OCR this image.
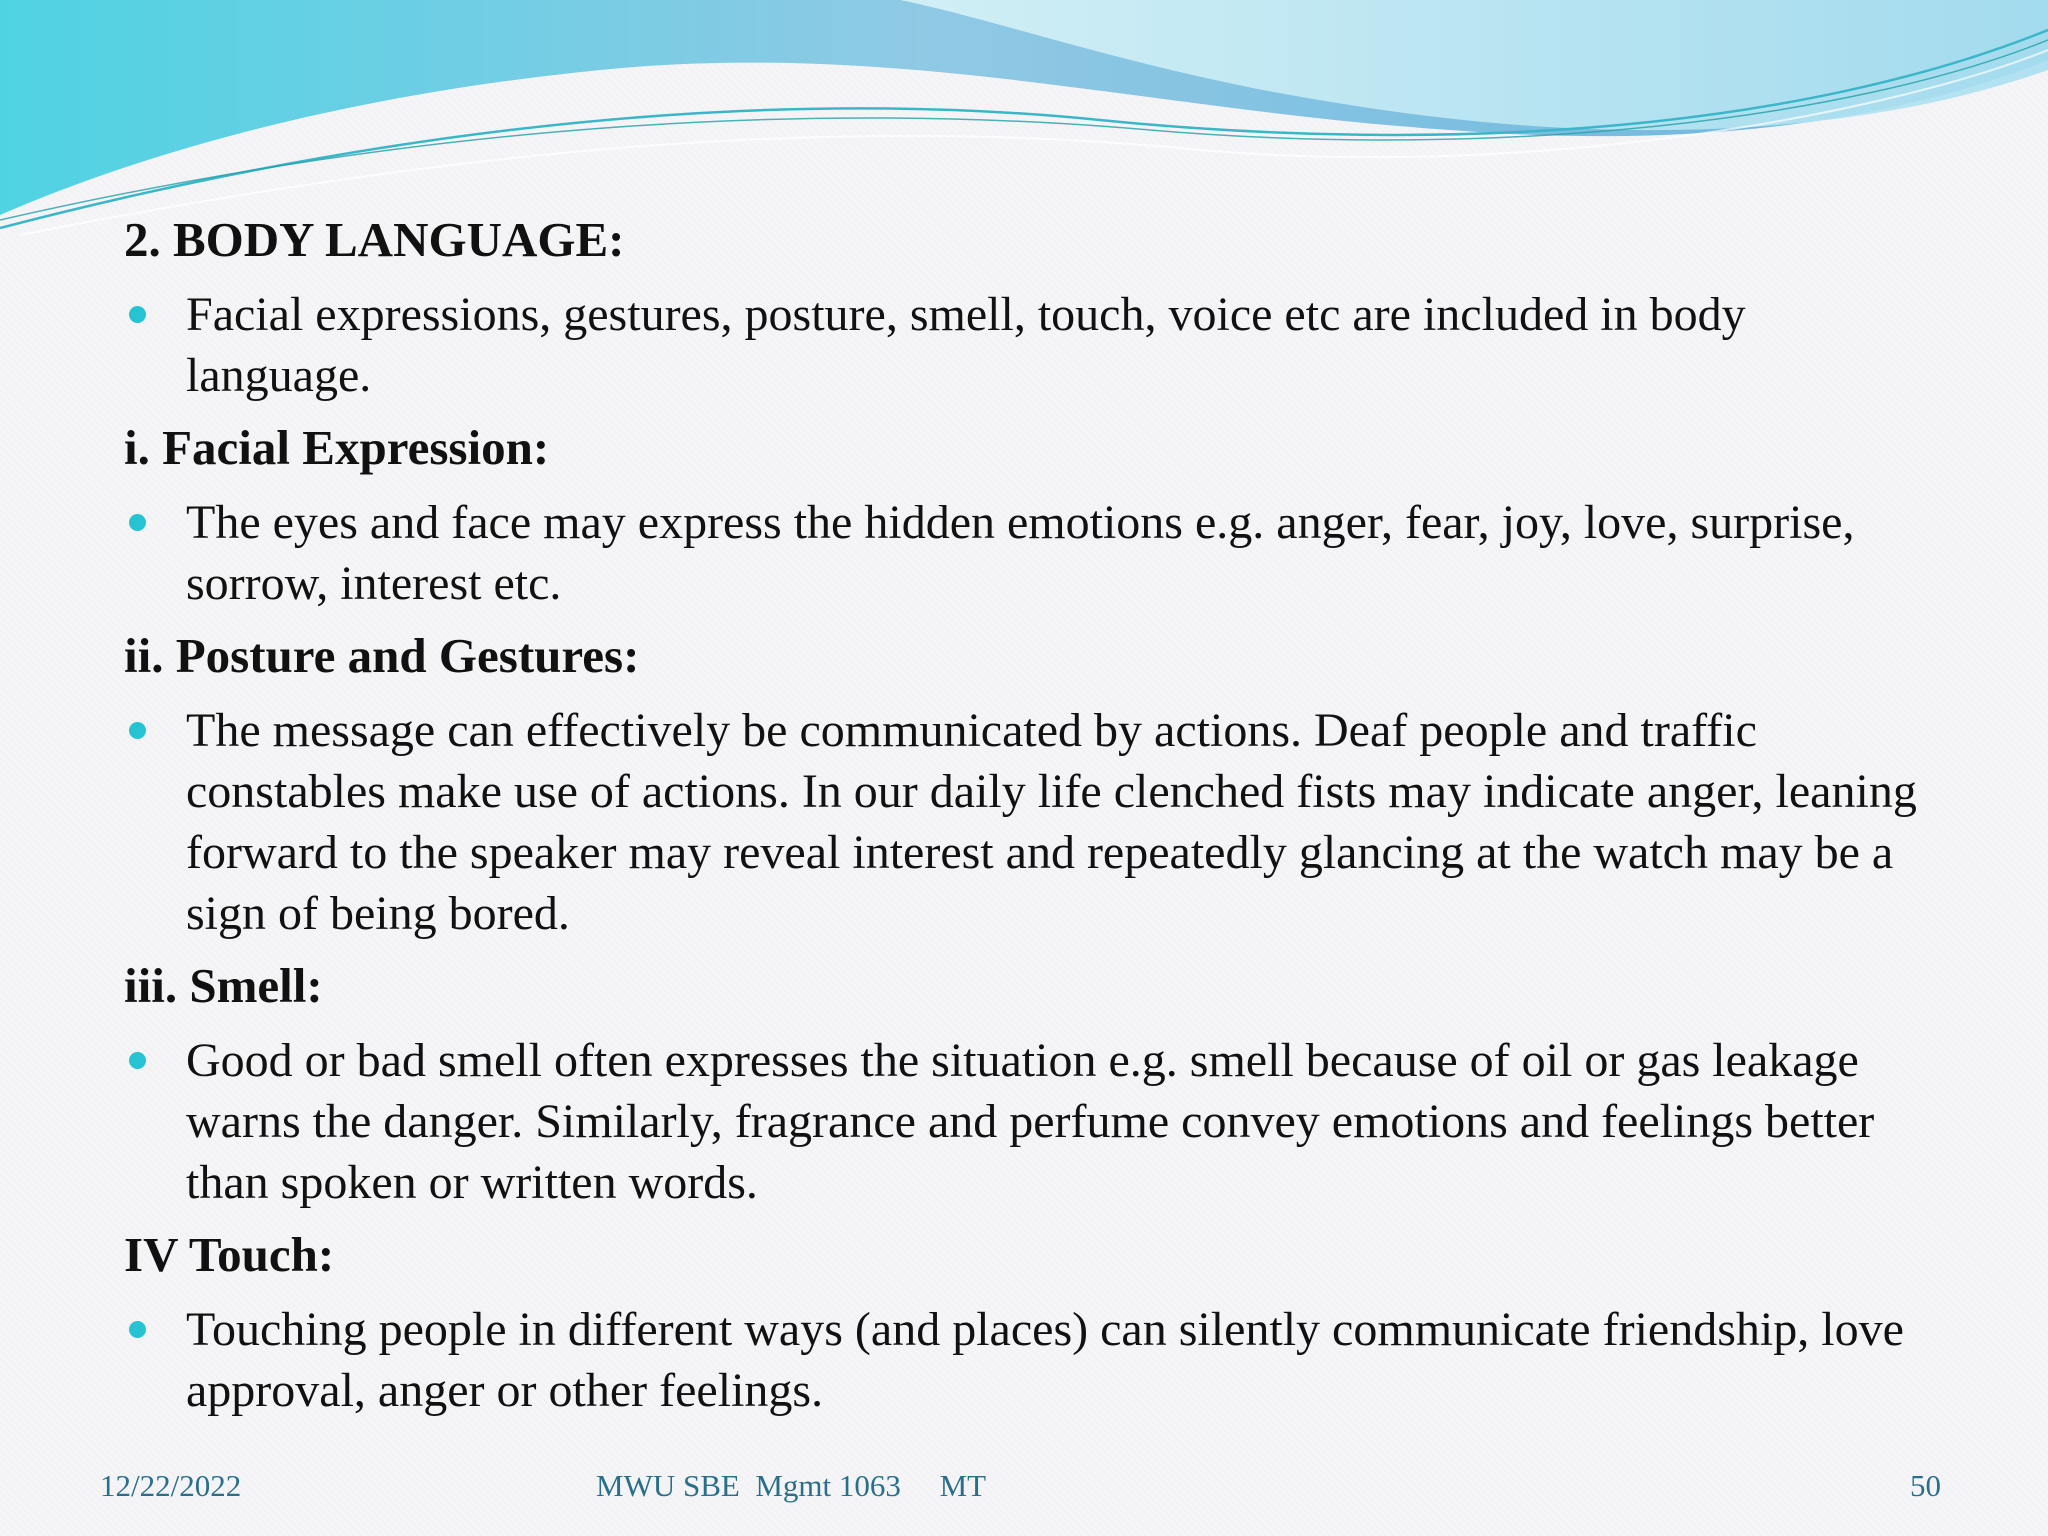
2. BODY LANGUAGE:
Facial expressions, gestures, posture, smell, touch, voice etc are included in body language.
i. Facial Expression:
The eyes and face may express the hidden emotions e.g. anger, fear, joy, love, surprise, sorrow, interest etc.
ii. Posture and Gestures:
The message can effectively be communicated by actions. Deaf people and traffic constables make use of actions. In our daily life clenched fists may indicate anger, leaning forward to the speaker may reveal interest and repeatedly glancing at the watch may be a sign of being bored.
iii. Smell:
Good or bad smell often expresses the situation e.g. smell because of oil or gas leakage warns the danger. Similarly, fragrance and perfume convey emotions and feelings better than spoken or written words.
IV Touch:
Touching people in different ways (and places) can silently communicate friendship, love approval, anger or other feelings.
12/22/2022	MWU SBE  Mgmt 1063     MT	50
